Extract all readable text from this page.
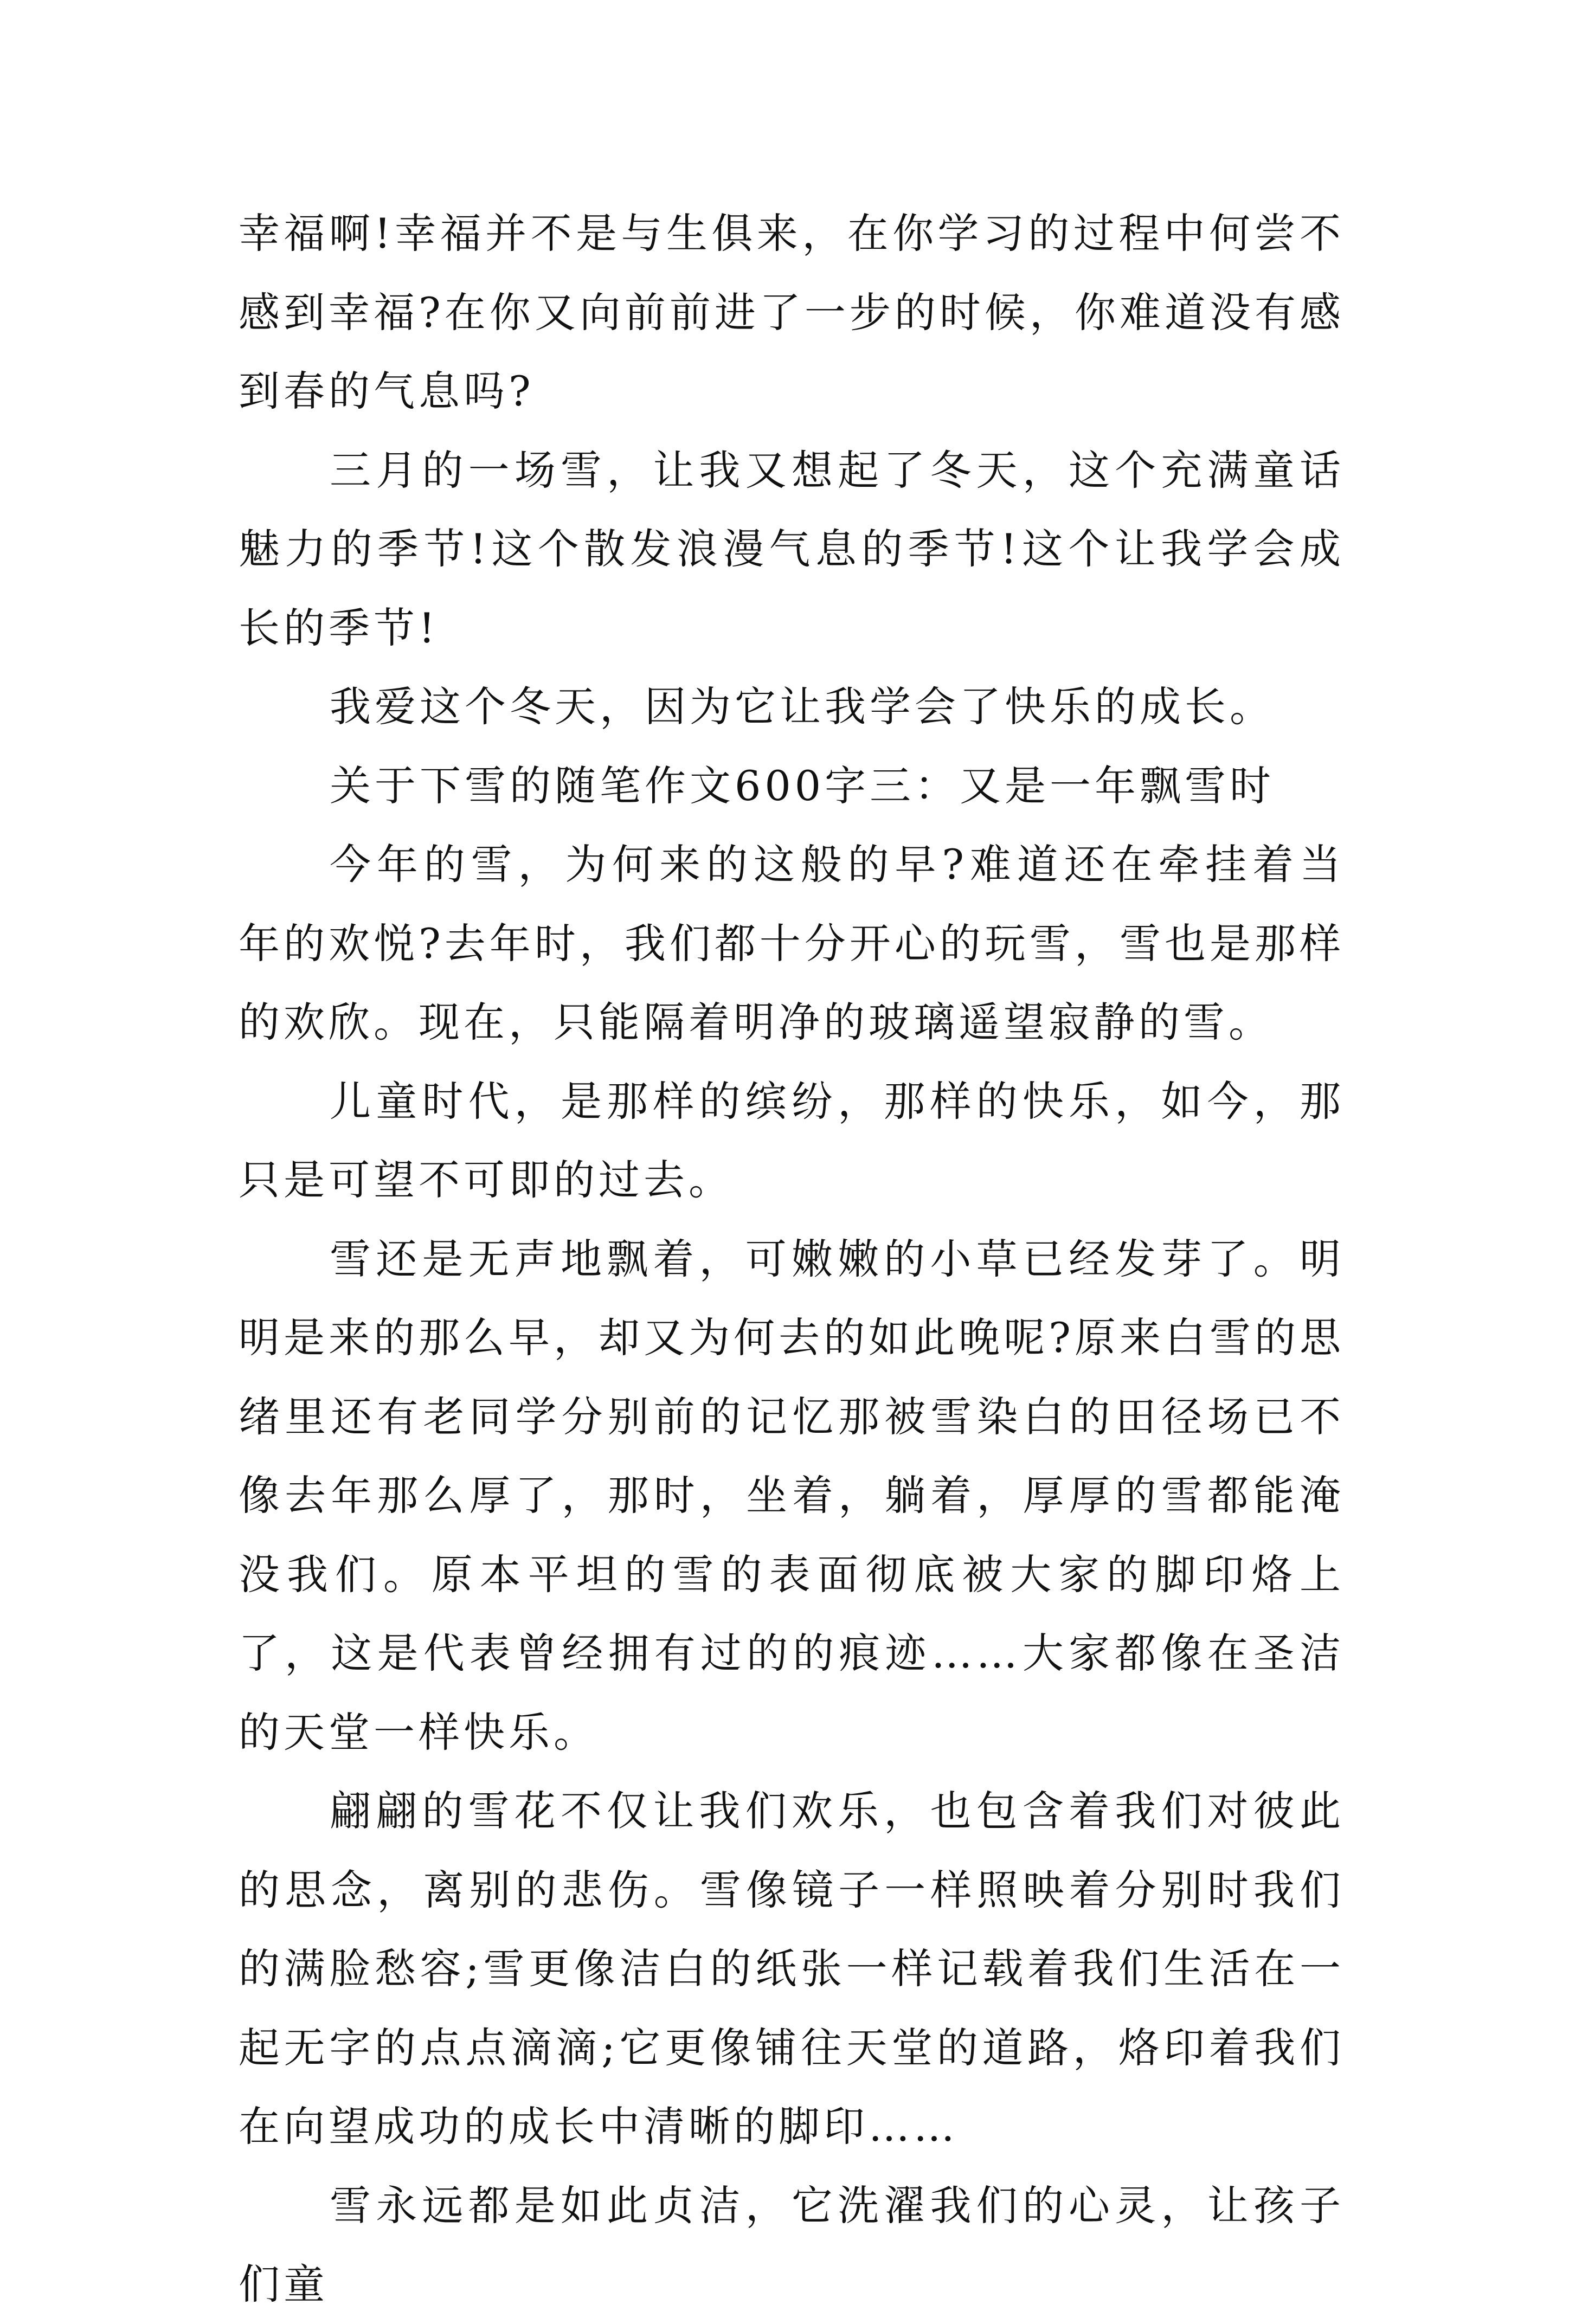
幸福啊!幸福并不是与生俱来，在你学习的过程中何尝不感到幸福?在你又向前前进了一步的时候，你难道没有感到春的气息吗?

三月的一场雪，让我又想起了冬天，这个充满童话魅力的季节!这个散发浪漫气息的季节!这个让我学会成长的季节!

我爱这个冬天，因为它让我学会了快乐的成长。

关于下雪的随笔作文600字三：又是一年飘雪时

今年的雪，为何来的这般的早?难道还在牵挂着当年的欢悦?去年时，我们都十分开心的玩雪，雪也是那样的欢欣。现在，只能隔着明净的玻璃遥望寂静的雪。

儿童时代，是那样的缤纷，那样的快乐，如今，那只是可望不可即的过去。

雪还是无声地飘着，可嫩嫩的小草已经发芽了。明明是来的那么早，却又为何去的如此晚呢?原来白雪的思绪里还有老同学分别前的记忆那被雪染白的田径场已不像去年那么厚了，那时，坐着，躺着，厚厚的雪都能淹没我们。原本平坦的雪的表面彻底被大家的脚印烙上了，这是代表曾经拥有过的的痕迹……大家都像在圣洁的天堂一样快乐。

翩翩的雪花不仅让我们欢乐，也包含着我们对彼此的思念，离别的悲伤。雪像镜子一样照映着分别时我们的满脸愁容;雪更像洁白的纸张一样记载着我们生活在一起无字的点点滴滴;它更像铺往天堂的道路，烙印着我们在向望成功的成长中清晰的脚印……

雪永远都是如此贞洁，它洗濯我们的心灵，让孩子们童
